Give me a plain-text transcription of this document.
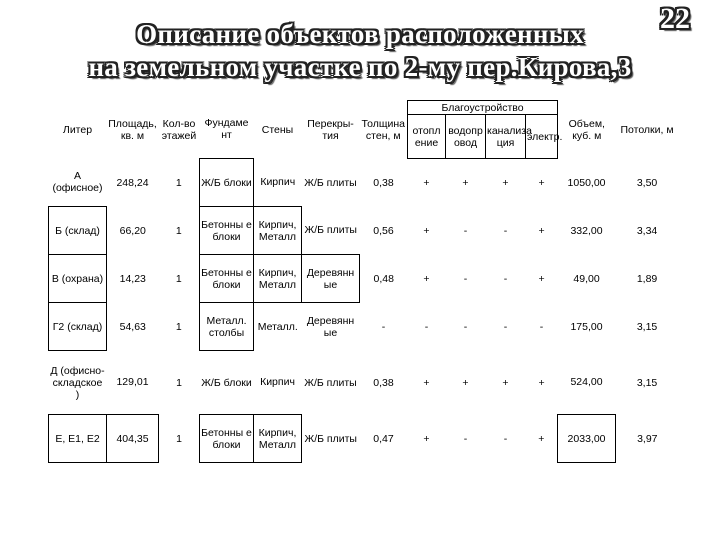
22
Описание объектов расположенных
на земельном участке по 2-му пер.Кирова,3
Литер	Площадь, кв. м	Кол-во этажей	Фундаме нт	Стены	Перекры- тия	Толщина стен, м	Благоустройство				Объем, куб. м	Потолки, м
							отопл ение	водопр овод	канализа ция	электр.		
А (офисное)	248,24	1	Ж/Б блоки	Кирпич	Ж/Б плиты	0,38	+	+	+	+	1050,00	3,50
Б (склад)	66,20	1	Бетонны е блоки	Кирпич, Металл	Ж/Б плиты	0,56	+	-	-	+	332,00	3,34
В (охрана)	14,23	1	Бетонны е блоки	Кирпич, Металл	Деревянн ые	0,48	+	-	-	+	49,00	1,89
Г2 (склад)	54,63	1	Металл. столбы	Металл.	Деревянн ые	-	-	-	-	-	175,00	3,15
Д (офисно-складское )	129,01	1	Ж/Б блоки	Кирпич	Ж/Б плиты	0,38	+	+	+	+	524,00	3,15
Е, Е1, Е2	404,35	1	Бетонны е блоки	Кирпич, Металл	Ж/Б плиты	0,47	+	-	-	+	2033,00	3,97
